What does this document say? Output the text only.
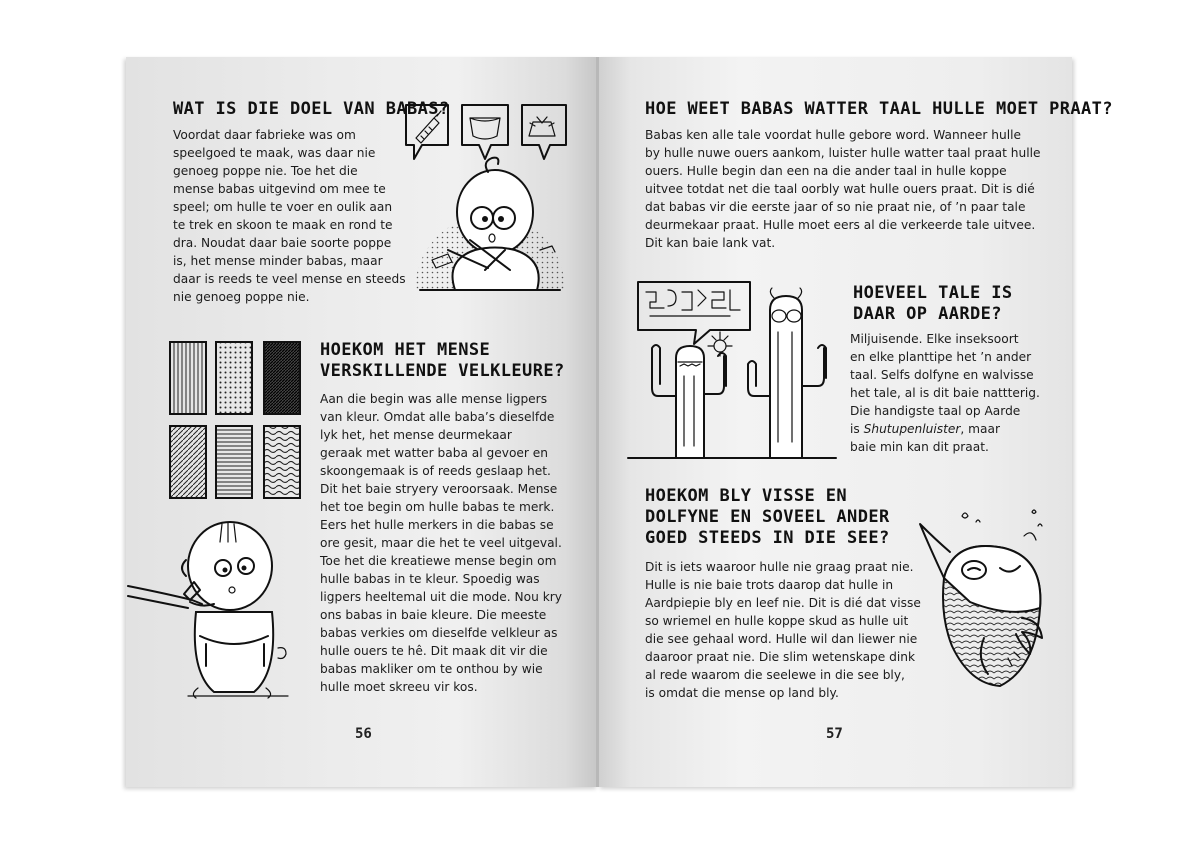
WAT IS DIE DOEL VAN BABAS?

Voordat daar fabrieke was om

speelgoed te maak, was daar nie

genoeg poppe nie. Toe het die

mense babas uitgevind om mee te

speel; om hulle te voer en oulik aan

te trek en skoon te maak en rond te

dra. Noudat daar baie soorte poppe

is, het mense minder babas, maar

daar is reeds te veel mense en steeds

nie genoeg poppe nie.

HOEKOM HET MENSE
VERSKILLENDE VELKLEURE?

Aan die begin was alle mense ligpers

van kleur. Omdat alle baba’s dieselfde

lyk het, het mense deurmekaar

geraak met watter baba al gevoer en

skoongemaak is of reeds geslaap het.

Dit het baie stryery veroorsaak. Mense

het toe begin om hulle babas te merk.

Eers het hulle merkers in die babas se

ore gesit, maar die het te veel uitgeval.

Toe het die kreatiewe mense begin om

hulle babas in te kleur. Spoedig was

ligpers heeltemal uit die mode. Nou kry

ons babas in baie kleure. Die meeste

babas verkies om dieselfde velkleur as

hulle ouers te hê. Dit maak dit vir die

babas makliker om te onthou by wie

hulle moet skreeu vir kos.

56
HOE WEET BABAS WATTER TAAL HULLE MOET PRAAT?

Babas ken alle tale voordat hulle gebore word. Wanneer hulle

by hulle nuwe ouers aankom, luister hulle watter taal praat hulle

ouers. Hulle begin dan een na die ander taal in hulle koppe

uitvee totdat net die taal oorbly wat hulle ouers praat. Dit is dié

dat babas vir die eerste jaar of so nie praat nie, of ’n paar tale

deurmekaar praat. Hulle moet eers al die verkeerde tale uitvee.

Dit kan baie lank vat.

HOEVEEL TALE IS
DAAR OP AARDE?

Miljuisende. Elke inseksoort

en elke planttipe het ’n ander

taal. Selfs dolfyne en walvisse

het tale, al is dit baie nattterig.

Die handigste taal op Aarde

is Shutupenluister, maar

baie min kan dit praat.

HOEKOM BLY VISSE EN
DOLFYNE EN SOVEEL ANDER
GOED STEEDS IN DIE SEE?

Dit is iets waaroor hulle nie graag praat nie.

Hulle is nie baie trots daarop dat hulle in

Aardpiepie bly en leef nie. Dit is dié dat visse

so wriemel en hulle koppe skud as hulle uit

die see gehaal word. Hulle wil dan liewer nie

daaroor praat nie. Die slim wetenskape dink

al rede waarom die seelewe in die see bly,

is omdat die mense op land bly.

57
